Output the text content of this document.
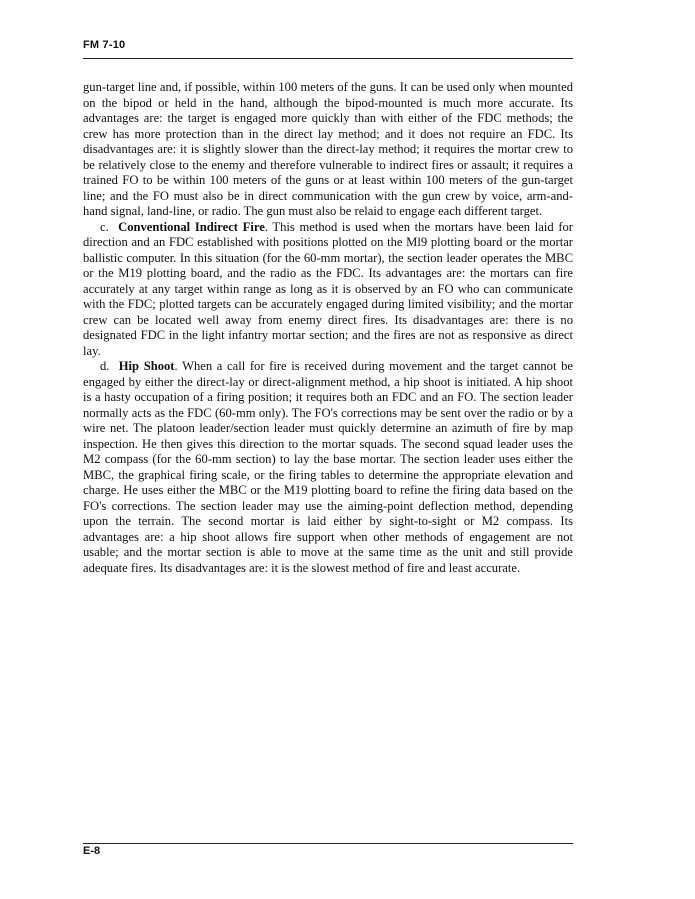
FM 7-10

gun-target line and, if possible, within 100 meters of the guns. It can be used only when mounted on the bipod or held in the hand, although the bipod-mounted is much more accurate. Its advantages are: the target is engaged more quickly than with either of the FDC methods; the crew has more protection than in the direct lay method; and it does not require an FDC. Its disadvantages are: it is slightly slower than the direct-lay method; it requires the mortar crew to be relatively close to the enemy and therefore vulnerable to indirect fires or assault; it requires a trained FO to be within 100 meters of the guns or at least within 100 meters of the gun-target line; and the FO must also be in direct communication with the gun crew by voice, arm-and-hand signal, land-line, or radio. The gun must also be relaid to engage each different target.

c. Conventional Indirect Fire. This method is used when the mortars have been laid for direction and an FDC established with positions plotted on the Ml9 plotting board or the mortar ballistic computer. In this situation (for the 60-mm mortar), the section leader operates the MBC or the M19 plotting board, and the radio as the FDC. Its advantages are: the mortars can fire accurately at any target within range as long as it is observed by an FO who can communicate with the FDC; plotted targets can be accurately engaged during limited visibility; and the mortar crew can be located well away from enemy direct fires. Its disadvantages are: there is no designated FDC in the light infantry mortar section; and the fires are not as responsive as direct lay.

d. Hip Shoot. When a call for fire is received during movement and the target cannot be engaged by either the direct-lay or direct-alignment method, a hip shoot is initiated. A hip shoot is a hasty occupation of a firing position; it requires both an FDC and an FO. The section leader normally acts as the FDC (60-mm only). The FO's corrections may be sent over the radio or by a wire net. The platoon leader/section leader must quickly determine an azimuth of fire by map inspection. He then gives this direction to the mortar squads. The second squad leader uses the M2 compass (for the 60-mm section) to lay the base mortar. The section leader uses either the MBC, the graphical firing scale, or the firing tables to determine the appropriate elevation and charge. He uses either the MBC or the M19 plotting board to refine the firing data based on the FO's corrections. The section leader may use the aiming-point deflection method, depending upon the terrain. The second mortar is laid either by sight-to-sight or M2 compass. Its advantages are: a hip shoot allows fire support when other methods of engagement are not usable; and the mortar section is able to move at the same time as the unit and still provide adequate fires. Its disadvantages are: it is the slowest method of fire and least accurate.

E-8
